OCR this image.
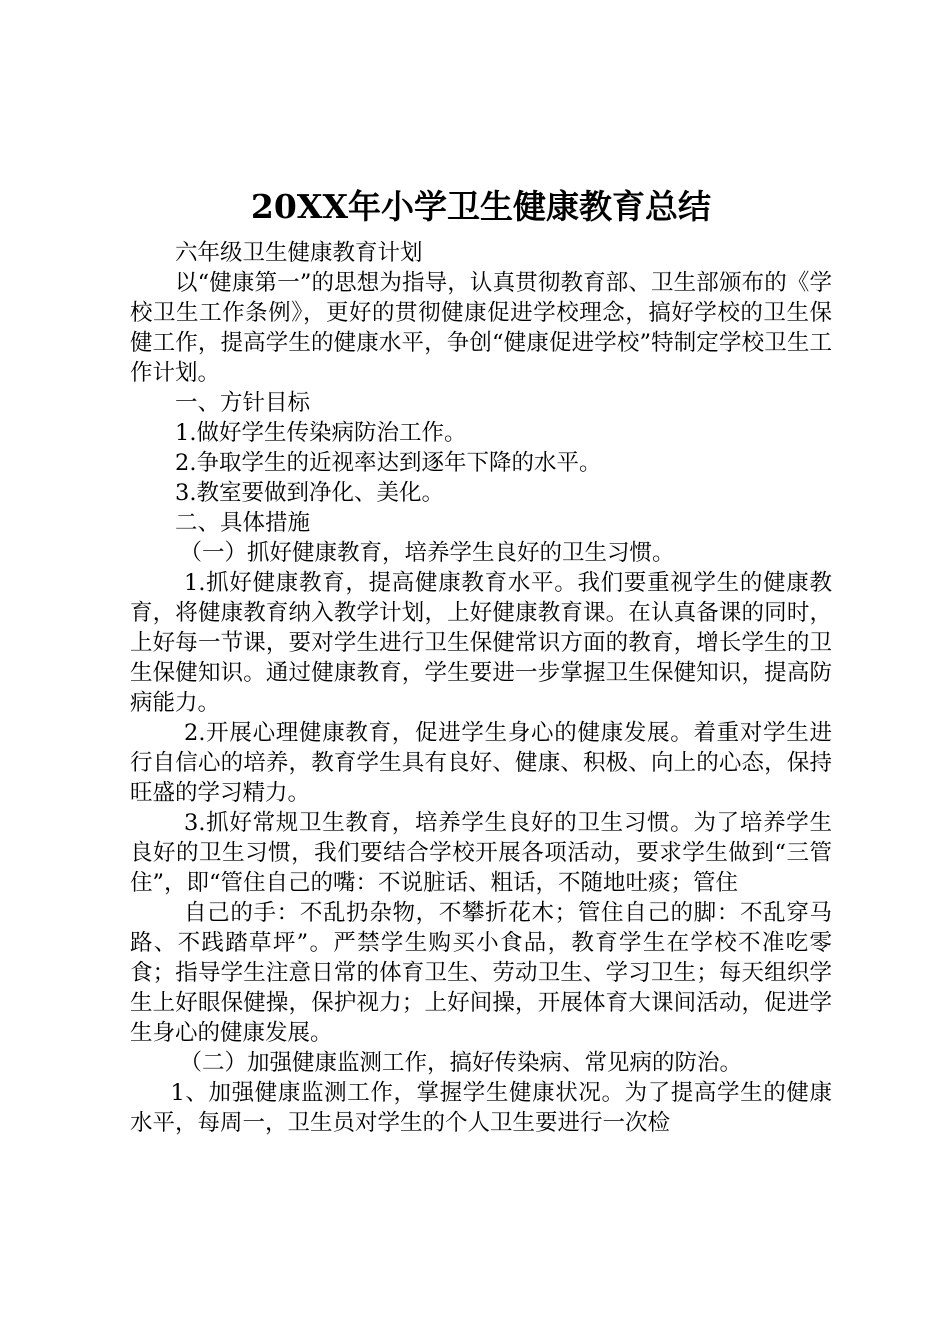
20XX年小学卫生健康教育总结

六年级卫生健康教育计划

以“健康第一”的思想为指导，认真贯彻教育部、卫生部颁布的《学校卫生工作条例》，更好的贯彻健康促进学校理念，搞好学校的卫生保健工作，提高学生的健康水平，争创“健康促进学校”特制定学校卫生工作计划。

一、方针目标

1.做好学生传染病防治工作。

2.争取学生的近视率达到逐年下降的水平。

3.教室要做到净化、美化。

二、具体措施

（一）抓好健康教育，培养学生良好的卫生习惯。

1.抓好健康教育，提高健康教育水平。我们要重视学生的健康教育，将健康教育纳入教学计划，上好健康教育课。在认真备课的同时，上好每一节课，要对学生进行卫生保健常识方面的教育，增长学生的卫生保健知识。通过健康教育，学生要进一步掌握卫生保健知识，提高防病能力。

2.开展心理健康教育，促进学生身心的健康发展。着重对学生进行自信心的培养，教育学生具有良好、健康、积极、向上的心态，保持旺盛的学习精力。

3.抓好常规卫生教育，培养学生良好的卫生习惯。为了培养学生良好的卫生习惯，我们要结合学校开展各项活动，要求学生做到“三管住”，即“管住自己的嘴：不说脏话、粗话，不随地吐痰；管住

自己的手：不乱扔杂物，不攀折花木；管住自己的脚：不乱穿马路、不践踏草坪”。严禁学生购买小食品，教育学生在学校不准吃零食；指导学生注意日常的体育卫生、劳动卫生、学习卫生；每天组织学生上好眼保健操，保护视力；上好间操，开展体育大课间活动，促进学生身心的健康发展。

（二）加强健康监测工作，搞好传染病、常见病的防治。

1、加强健康监测工作，掌握学生健康状况。为了提高学生的健康水平，每周一，卫生员对学生的个人卫生要进行一次检
